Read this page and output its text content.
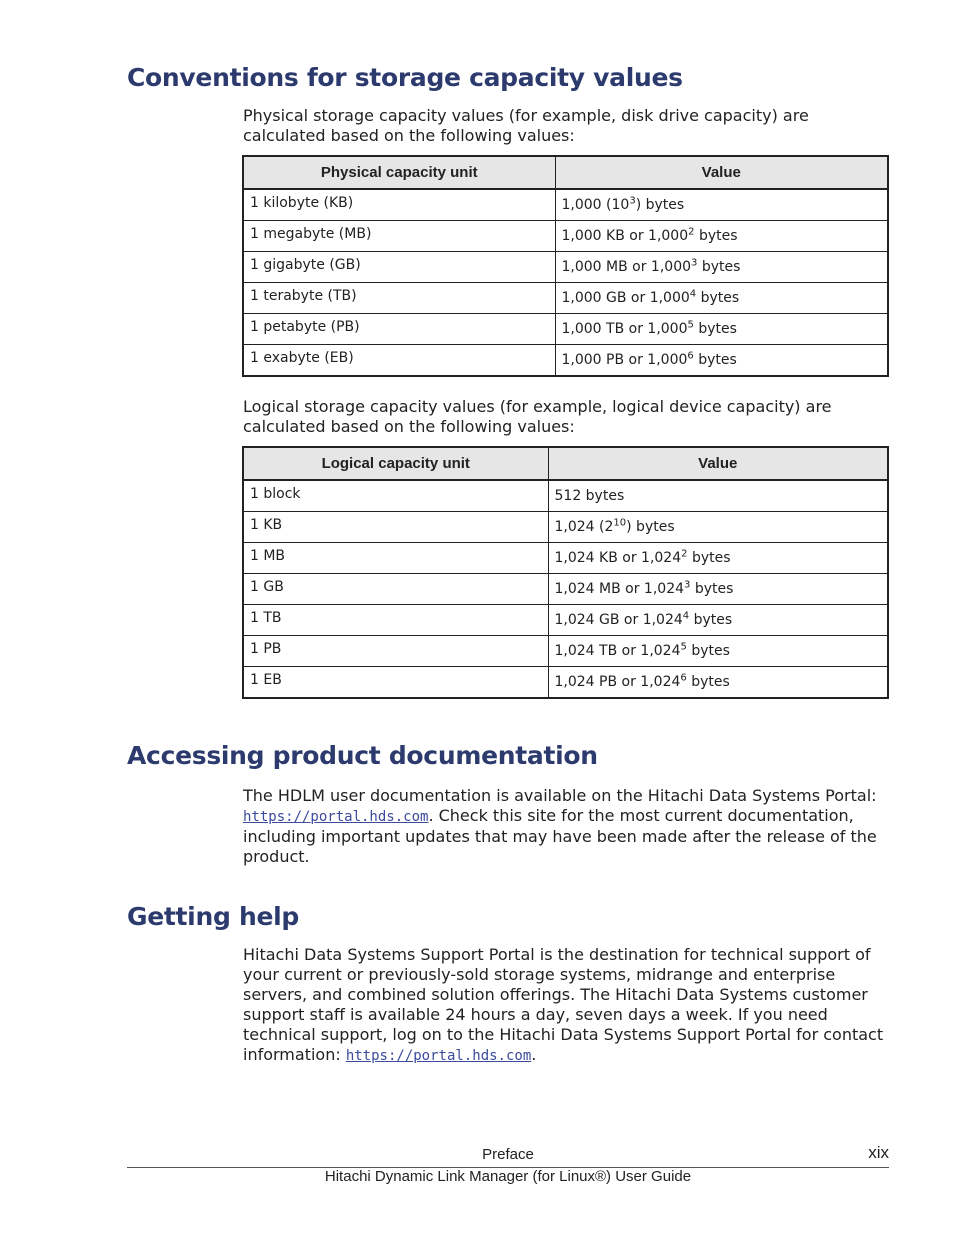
Conventions for storage capacity values

Physical storage capacity values (for example, disk drive capacity) are calculated based on the following values:

Physical capacity unit	Value
1 kilobyte (KB)	1,000 $(10^3)$ bytes
1 megabyte (MB)	1,000 KB or 1,000$^2$ bytes
1 gigabyte (GB)	1,000 MB or 1,000$^3$ bytes
1 terabyte (TB)	1,000 GB or 1,000$^4$ bytes
1 petabyte (PB)	1,000 TB or 1,000$^5$ bytes
1 exabyte (EB)	1,000 PB or 1,000$^6$ bytes

Logical storage capacity values (for example, logical device capacity) are calculated based on the following values:

Logical capacity unit	Value
1 block	512 bytes
1 KB	1,024 $(2^{10})$ bytes
1 MB	1,024 KB or 1,024$^2$ bytes
1 GB	1,024 MB or 1,024$^3$ bytes
1 TB	1,024 GB or 1,024$^4$ bytes
1 PB	1,024 TB or 1,024$^5$ bytes
1 EB	1,024 PB or 1,024$^6$ bytes
Accessing product documentation

The HDLM user documentation is available on the Hitachi Data Systems Portal: https://portal.hds.com. Check this site for the most current documentation, including important updates that may have been made after the release of the product.

Getting help

Hitachi Data Systems Support Portal is the destination for technical support of your current or previously-sold storage systems, midrange and enterprise servers, and combined solution offerings. The Hitachi Data Systems customer support staff is available 24 hours a day, seven days a week. If you need technical support, log on to the Hitachi Data Systems Support Portal for contact information: https://portal.hds.com.

Preface	xix
Hitachi Dynamic Link Manager (for Linux®) User Guide
